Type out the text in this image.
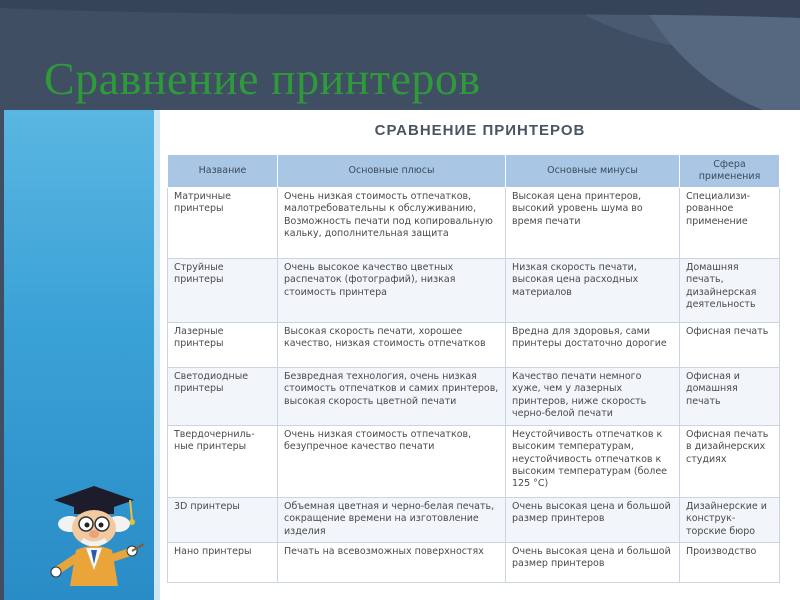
Сравнение принтеров
СРАВНЕНИЕ ПРИНТЕРОВ
Название	Основные плюсы	Основные минусы	Сфера применения
Матричные принтеры	Очень низкая стоимость отпечатков, малотребовательны к обслуживанию, Возможность печати под копировальную кальку, дополнительная защита	Высокая цена принтеров, высокий уровень шума во время печати	Специализи-рованное применение
Струйные принтеры	Очень высокое качество цветных распечаток (фотографий), низкая стоимость принтера	Низкая скорость печати, высокая цена расходных материалов	Домашняя печать, дизайнерская деятельность
Лазерные принтеры	Высокая скорость печати, хорошее качество, низкая стоимость отпечатков	Вредна для здоровья, сами принтеры достаточно дорогие	Офисная печать
Светодиодные принтеры	Безвредная технология, очень низкая стоимость отпечатков и самих принтеров, высокая скорость цветной печати	Качество печати немного хуже, чем у лазерных принтеров, ниже скорость черно-белой печати	Офисная и домашняя печать
Твердочерниль-ные принтеры	Очень низкая стоимость отпечатков, безупречное качество печати	Неустойчивость отпечатков к высоким температурам, неустойчивость отпечатков к высоким температурам (более 125 °C)	Офисная печать в дизайнерских студиях
3D принтеры	Объемная цветная и черно-белая печать, сокращение времени на изготовление изделия	Очень высокая цена и большой размер принтеров	Дизайнерские и конструк-торские бюро
Нано принтеры	Печать на всевозможных поверхностях	Очень высокая цена и большой размер принтеров	Производство
